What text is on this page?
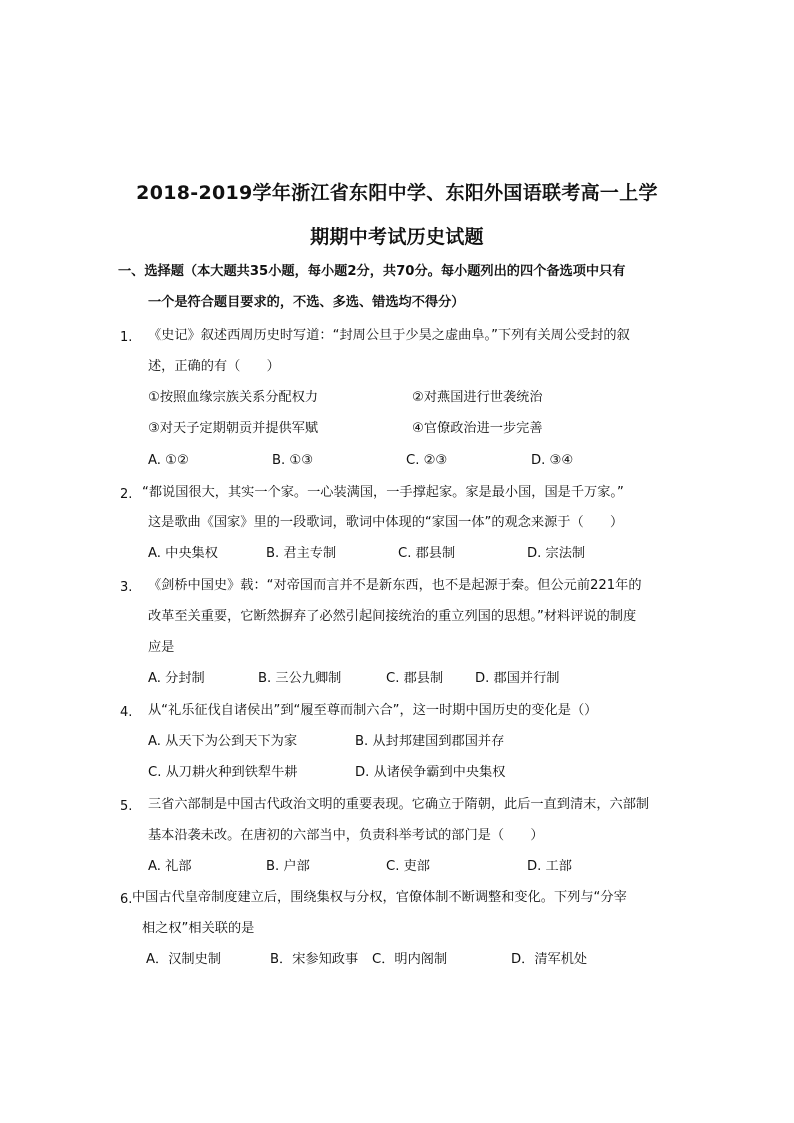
2018-2019学年浙江省东阳中学、东阳外国语联考高一上学
期期中考试历史试题
一、选择题（本大题共35小题，每小题2分，共70分。每小题列出的四个备选项中只有
一个是符合题目要求的，不选、多选、错选均不得分）
1. 《史记》叙述西周历史时写道：“封周公旦于少昊之虚曲阜。”下列有关周公受封的叙
述，正确的有（　　）
①按照血缘宗族关系分配权力	②对燕国进行世袭统治
③对天子定期朝贡并提供军赋	④官僚政治进一步完善
A. ①②	B. ①③	C. ②③	D. ③④
2. “都说国很大，其实一个家。一心装满国，一手撑起家。家是最小国，国是千万家。”
这是歌曲《国家》里的一段歌词，歌词中体现的“家国一体”的观念来源于（　　）
A. 中央集权	B. 君主专制	C. 郡县制	D. 宗法制
3. 《剑桥中国史》载：“对帝国而言并不是新东西，也不是起源于秦。但公元前221年的
改革至关重要，它断然摒弃了必然引起间接统治的重立列国的思想。”材料评说的制度
应是
A. 分封制	B. 三公九卿制	C. 郡县制 D. 郡国并行制
4. 从“礼乐征伐自诸侯出”到“履至尊而制六合”，这一时期中国历史的变化是（）
A. 从天下为公到天下为家	B. 从封邦建国到郡国并存
C. 从刀耕火种到铁犁牛耕	D. 从诸侯争霸到中央集权
5. 三省六部制是中国古代政治文明的重要表现。它确立于隋朝，此后一直到清末，六部制
基本沿袭未改。在唐初的六部当中，负责科举考试的部门是（　　）
A. 礼部	B. 户部	C. 吏部	D. 工部
6. 中国古代皇帝制度建立后，围绕集权与分权，官僚体制不断调整和变化。下列与“分宰
相之权”相关联的是
A．汉制史制	B．宋参知政事 C．明内阁制	D．清军机处
